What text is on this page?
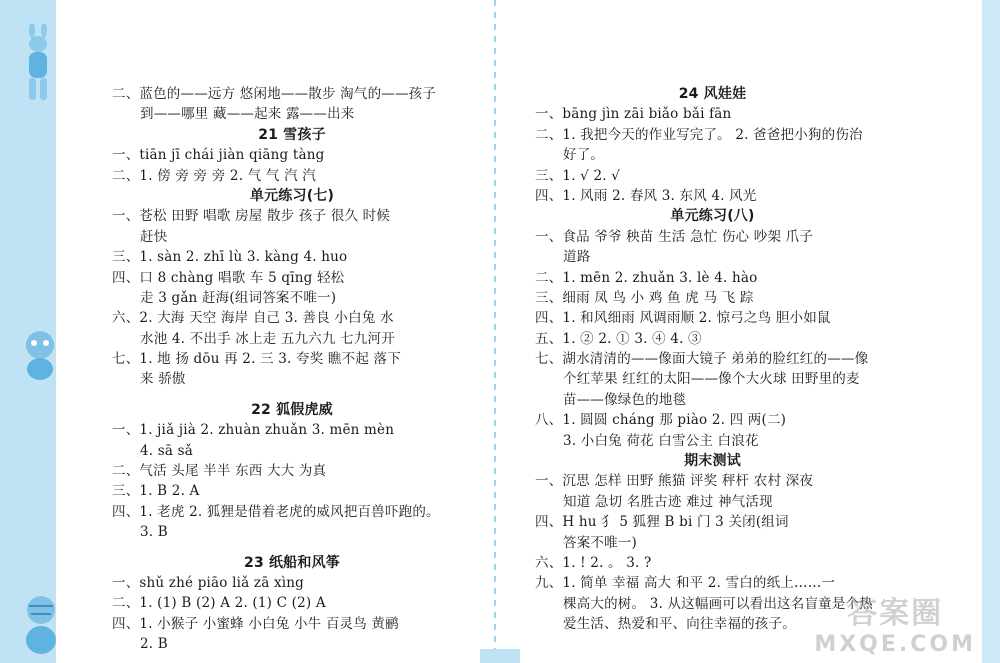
二、蓝色的——远方 悠闲地——散步 淘气的——孩子
到——哪里 藏——起来 露——出来
21 雪孩子
一、tiān jī chái jiàn qiāng tàng
二、1. 傍 旁 旁 旁 2. 气 气 汽 汽
单元练习(七)
一、苍松 田野 唱歌 房屋 散步 孩子 很久 时候
赶快
三、1. sàn 2. zhī lù 3. kàng 4. huo
四、口 8 chàng 唱歌 车 5 qīng 轻松
走 3 gǎn 赶海(组词答案不唯一)
六、2. 大海 天空 海岸 自己 3. 善良 小白兔 水
水池 4. 不出手 冰上走 五九六九 七九河开
七、1. 地 扬 dōu 再 2. 三 3. 夸奖 瞧不起 落下
来 骄傲
22 狐假虎威
一、1. jiǎ jià 2. zhuàn zhuǎn 3. mēn mèn
4. sā sǎ
二、气活 头尾 半半 东西 大大 为真
三、1. B 2. A
四、1. 老虎 2. 狐狸是借着老虎的威风把百兽吓跑的。
3. B
23 纸船和风筝
一、shǔ zhé piāo liǎ zā xìng
二、1. (1) B (2) A 2. (1) C (2) A
四、1. 小猴子 小蜜蜂 小白兔 小牛 百灵鸟 黄鹂
2. B
24 风娃娃
一、bāng jìn zāi biǎo bǎi fān
二、1. 我把今天的作业写完了。 2. 爸爸把小狗的伤治
好了。
三、1. √ 2. √
四、1. 风雨 2. 春风 3. 东风 4. 风光
单元练习(八)
一、食品 爷爷 秧苗 生活 急忙 伤心 吵架 爪子
道路
二、1. mēn 2. zhuǎn 3. lè 4. hào
三、细雨 凤 鸟 小 鸡 鱼 虎 马 飞 踪
四、1. 和风细雨 风调雨顺 2. 惊弓之鸟 胆小如鼠
五、1. ② 2. ① 3. ④ 4. ③
七、湖水清清的——像面大镜子 弟弟的脸红红的——像
个红苹果 红红的太阳——像个大火球 田野里的麦
苗——像绿色的地毯
八、1. 圆圆 cháng 那 piào 2. 四 两(二)
3. 小白兔 荷花 白雪公主 白浪花
期末测试
一、沉思 怎样 田野 熊猫 评奖 秤杆 农村 深夜
知道 急切 名胜古迹 难过 神气活现
四、H hu 犭 5 狐狸 B bi 门 3 关闭(组词
答案不唯一)
六、1. ! 2. 。 3. ?
九、1. 简单 幸福 高大 和平 2. 雪白的纸上……一
棵高大的树。 3. 从这幅画可以看出这名盲童是个热
爱生活、热爱和平、向往幸福的孩子。	答案圈
MXQE.COM
